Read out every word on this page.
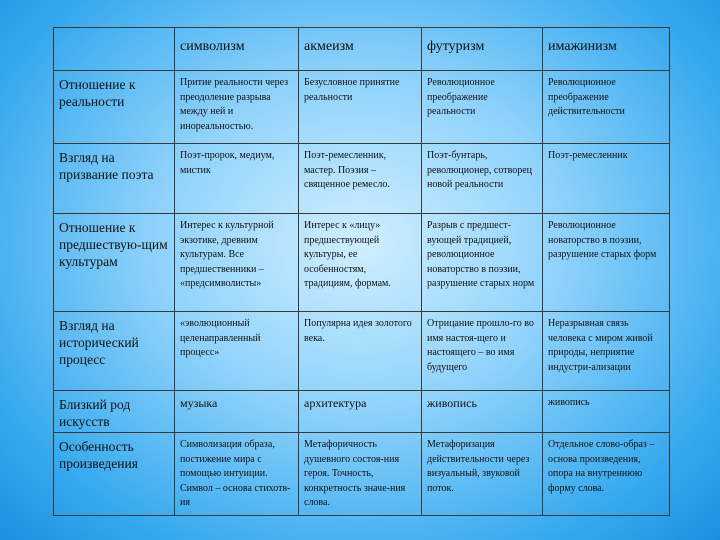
	символизм	акмеизм	футуризм	имажинизм
Отношение к реальности	Притие реальности через преодоление разрыва между ней и инореальностью.	Безусловное принятие реальности	Революционное преображение реальности	Революционное преображение действительности
Взгляд на призвание поэта	Поэт-пророк, медиум, мистик	Поэт-ремесленник, мастер. Поэзия – священное ремесло.	Поэт-бунтарь, революционер, сотворец новой реальности	Поэт-ремесленник
Отношение к предшествую-щим культурам	Интерес к культурной экзотике, древним культурам. Все предшественники – «предсимволисты»	Интерес к «лицу» предшествующей культуры, ее особенностям, традициям, формам.	Разрыв с предшест-вующей традицией, революционное новаторство в поэзии, разрушение старых норм	Революционное новаторство в поэзии, разрушение старых форм
Взгляд на исторический процесс	«эволюционный целенаправленный процесс»	Популярна идея золотого века.	Отрицание прошло-го во имя настоя-щего и настоящего – во имя будущего	Неразрывная связь человека с миром живой природы, неприятие индустри-ализации
Близкий род искусств	музыка	архитектура	живопись	живопись
Особенность произведения	Символизация образа, постижение мира с помощью интуиции. Символ – основа стихотв-ия	Метафоричность душевного состоя-ния героя. Точность, конкретность значе-ния слова.	Метафоризация действительности через визуальный, звуковой поток.	Отдельное слово-образ – основа произведения, опора на внутреннюю форму слова.
